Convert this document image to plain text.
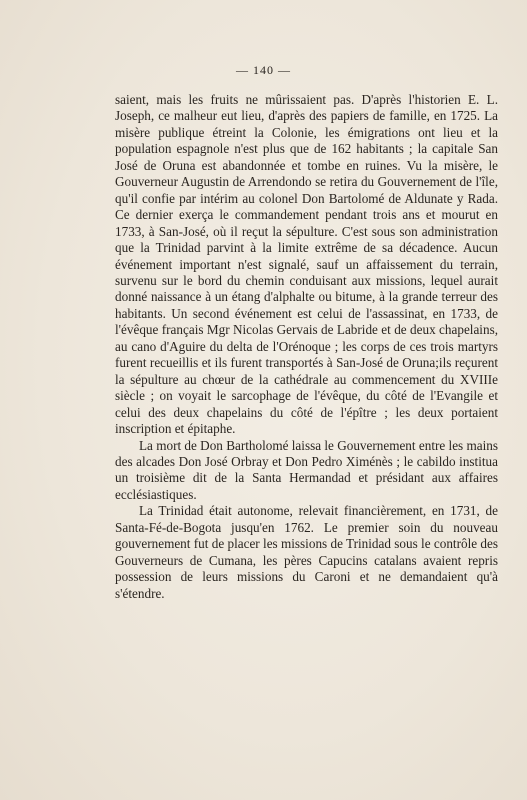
— 140 —

saient, mais les fruits ne mûrissaient pas. D'après l'historien E. L. Joseph, ce malheur eut lieu, d'après des papiers de famille, en 1725. La misère publique étreint la Colonie, les émigrations ont lieu et la population espagnole n'est plus que de 162 habitants ; la capitale San José de Oruna est abandonnée et tombe en ruines. Vu la misère, le Gouverneur Augustin de Arrendondo se retira du Gouvernement de l'île, qu'il confie par intérim au colonel Don Bartolomé de Aldunate y Rada. Ce dernier exerça le commandement pendant trois ans et mourut en 1733, à San-José, où il reçut la sépulture. C'est sous son administration que la Trinidad parvint à la limite extrême de sa décadence. Aucun événement important n'est signalé, sauf un affaissement du terrain, survenu sur le bord du chemin conduisant aux missions, lequel aurait donné naissance à un étang d'alphalte ou bitume, à la grande terreur des habitants. Un second événement est celui de l'assassinat, en 1733, de l'évêque français Mgr Nicolas Gervais de Labride et de deux chapelains, au cano d'Aguire du delta de l'Orénoque ; les corps de ces trois martyrs furent recueillis et ils furent transportés à San-José de Oruna;ils reçurent la sépulture au chœur de la cathédrale au commencement du XVIIIe siècle ; on voyait le sarcophage de l'évêque, du côté de l'Evangile et celui des deux chapelains du côté de l'épître ; les deux portaient inscription et épitaphe.

La mort de Don Bartholomé laissa le Gouvernement entre les mains des alcades Don José Orbray et Don Pedro Ximénès ; le cabildo institua un troisième dit de la Santa Hermandad et présidant aux affaires ecclésiastiques.

La Trinidad était autonome, relevait financièrement, en 1731, de Santa-Fé-de-Bogota jusqu'en 1762. Le premier soin du nouveau gouvernement fut de placer les missions de Trinidad sous le contrôle des Gouverneurs de Cumana, les pères Capucins catalans avaient repris possession de leurs missions du Caroni et ne demandaient qu'à s'étendre.
